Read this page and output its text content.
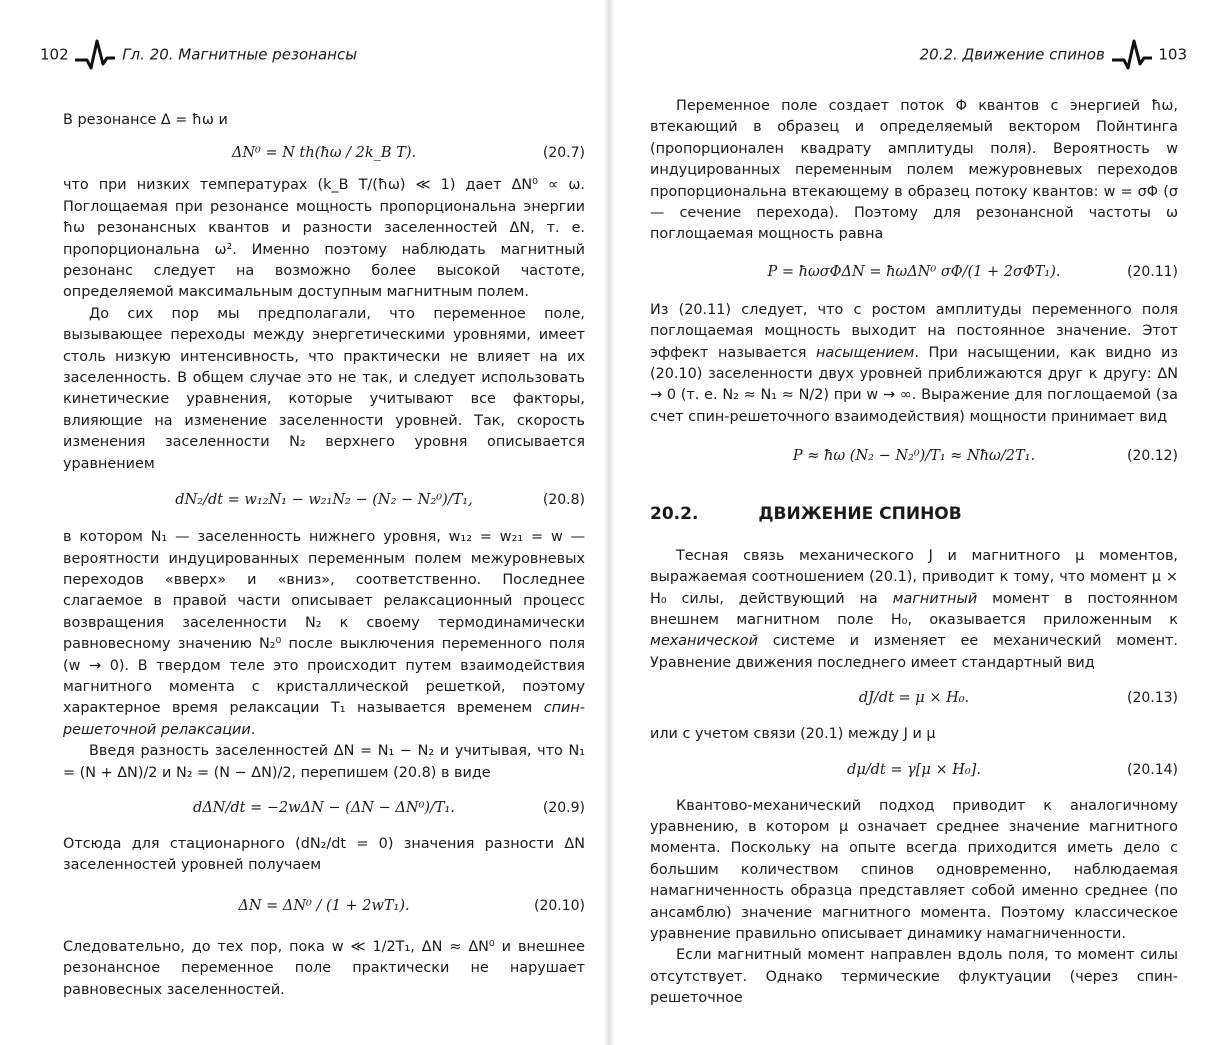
102	Гл. 20. Магнитные резонансы

В резонансе Δ = ħω и

ΔN⁰ = N th(ħω / 2k_B T).	(20.7)

что при низких температурах (k_B T/(ħω) ≪ 1) дает ΔN⁰ ∝ ω. Поглощаемая при резонансе мощность пропорциональна энергии ħω резонансных квантов и разности заселенностей ΔN, т. е. пропорциональна ω². Именно поэтому наблюдать магнитный резонанс следует на возможно более высокой частоте, определяемой максимальным доступным магнитным полем.

До сих пор мы предполагали, что переменное поле, вызывающее переходы между энергетическими уровнями, имеет столь низкую интенсивность, что практически не влияет на их заселенность. В общем случае это не так, и следует использовать кинетические уравнения, которые учитывают все факторы, влияющие на изменение заселенности уровней. Так, скорость изменения заселенности N₂ верхнего уровня описывается уравнением

dN₂/dt = w₁₂N₁ − w₂₁N₂ − (N₂ − N₂⁰)/T₁,	(20.8)

в котором N₁ — заселенность нижнего уровня, w₁₂ = w₂₁ = w — вероятности индуцированных переменным полем межуровневых переходов «вверх» и «вниз», соответственно. Последнее слагаемое в правой части описывает релаксационный процесс возвращения заселенности N₂ к своему термодинамически равновесному значению N₂⁰ после выключения переменного поля (w → 0). В твердом теле это происходит путем взаимодействия магнитного момента с кристаллической решеткой, поэтому характерное время релаксации T₁ называется временем спин-решеточной релаксации.

Введя разность заселенностей ΔN = N₁ − N₂ и учитывая, что N₁ = (N + ΔN)/2 и N₂ = (N − ΔN)/2, перепишем (20.8) в виде

dΔN/dt = −2wΔN − (ΔN − ΔN⁰)/T₁.	(20.9)

Отсюда для стационарного (dN₂/dt = 0) значения разности ΔN заселенностей уровней получаем

ΔN = ΔN⁰ / (1 + 2wT₁).	(20.10)

Следовательно, до тех пор, пока w ≪ 1/2T₁, ΔN ≈ ΔN⁰ и внешнее резонансное переменное поле практически не нарушает равновесных заселенностей.

20.2. Движение спинов	103

Переменное поле создает поток Φ квантов с энергией ħω, втекающий в образец и определяемый вектором Пойнтинга (пропорционален квадрату амплитуды поля). Вероятность w индуцированных переменным полем межуровневых переходов пропорциональна втекающему в образец потоку квантов: w = σΦ (σ — сечение перехода). Поэтому для резонансной частоты ω поглощаемая мощность равна

P = ħωσΦΔN = ħωΔN⁰ σΦ/(1 + 2σΦT₁).	(20.11)

Из (20.11) следует, что с ростом амплитуды переменного поля поглощаемая мощность выходит на постоянное значение. Этот эффект называется насыщением. При насыщении, как видно из (20.10) заселенности двух уровней приближаются друг к другу: ΔN → 0 (т. е. N₂ ≈ N₁ ≈ N/2) при w → ∞. Выражение для поглощаемой (за счет спин-решеточного взаимодействия) мощности принимает вид

P ≈ ħω (N₂ − N₂⁰)/T₁ ≈ Nħω/2T₁.	(20.12)
20.2.	ДВИЖЕНИЕ СПИНОВ

Тесная связь механического J и магнитного μ моментов, выражаемая соотношением (20.1), приводит к тому, что момент μ × H₀ силы, действующий на магнитный момент в постоянном внешнем магнитном поле H₀, оказывается приложенным к механической системе и изменяет ее механический момент. Уравнение движения последнего имеет стандартный вид

dJ/dt = μ × H₀.	(20.13)

или с учетом связи (20.1) между J и μ

dμ/dt = γ[μ × H₀].	(20.14)

Квантово-механический подход приводит к аналогичному уравнению, в котором μ означает среднее значение магнитного момента. Поскольку на опыте всегда приходится иметь дело с большим количеством спинов одновременно, наблюдаемая намагниченность образца представляет собой именно среднее (по ансамблю) значение магнитного момента. Поэтому классическое уравнение правильно описывает динамику намагниченности.

Если магнитный момент направлен вдоль поля, то момент силы отсутствует. Однако термические флуктуации (через спин-решеточное
